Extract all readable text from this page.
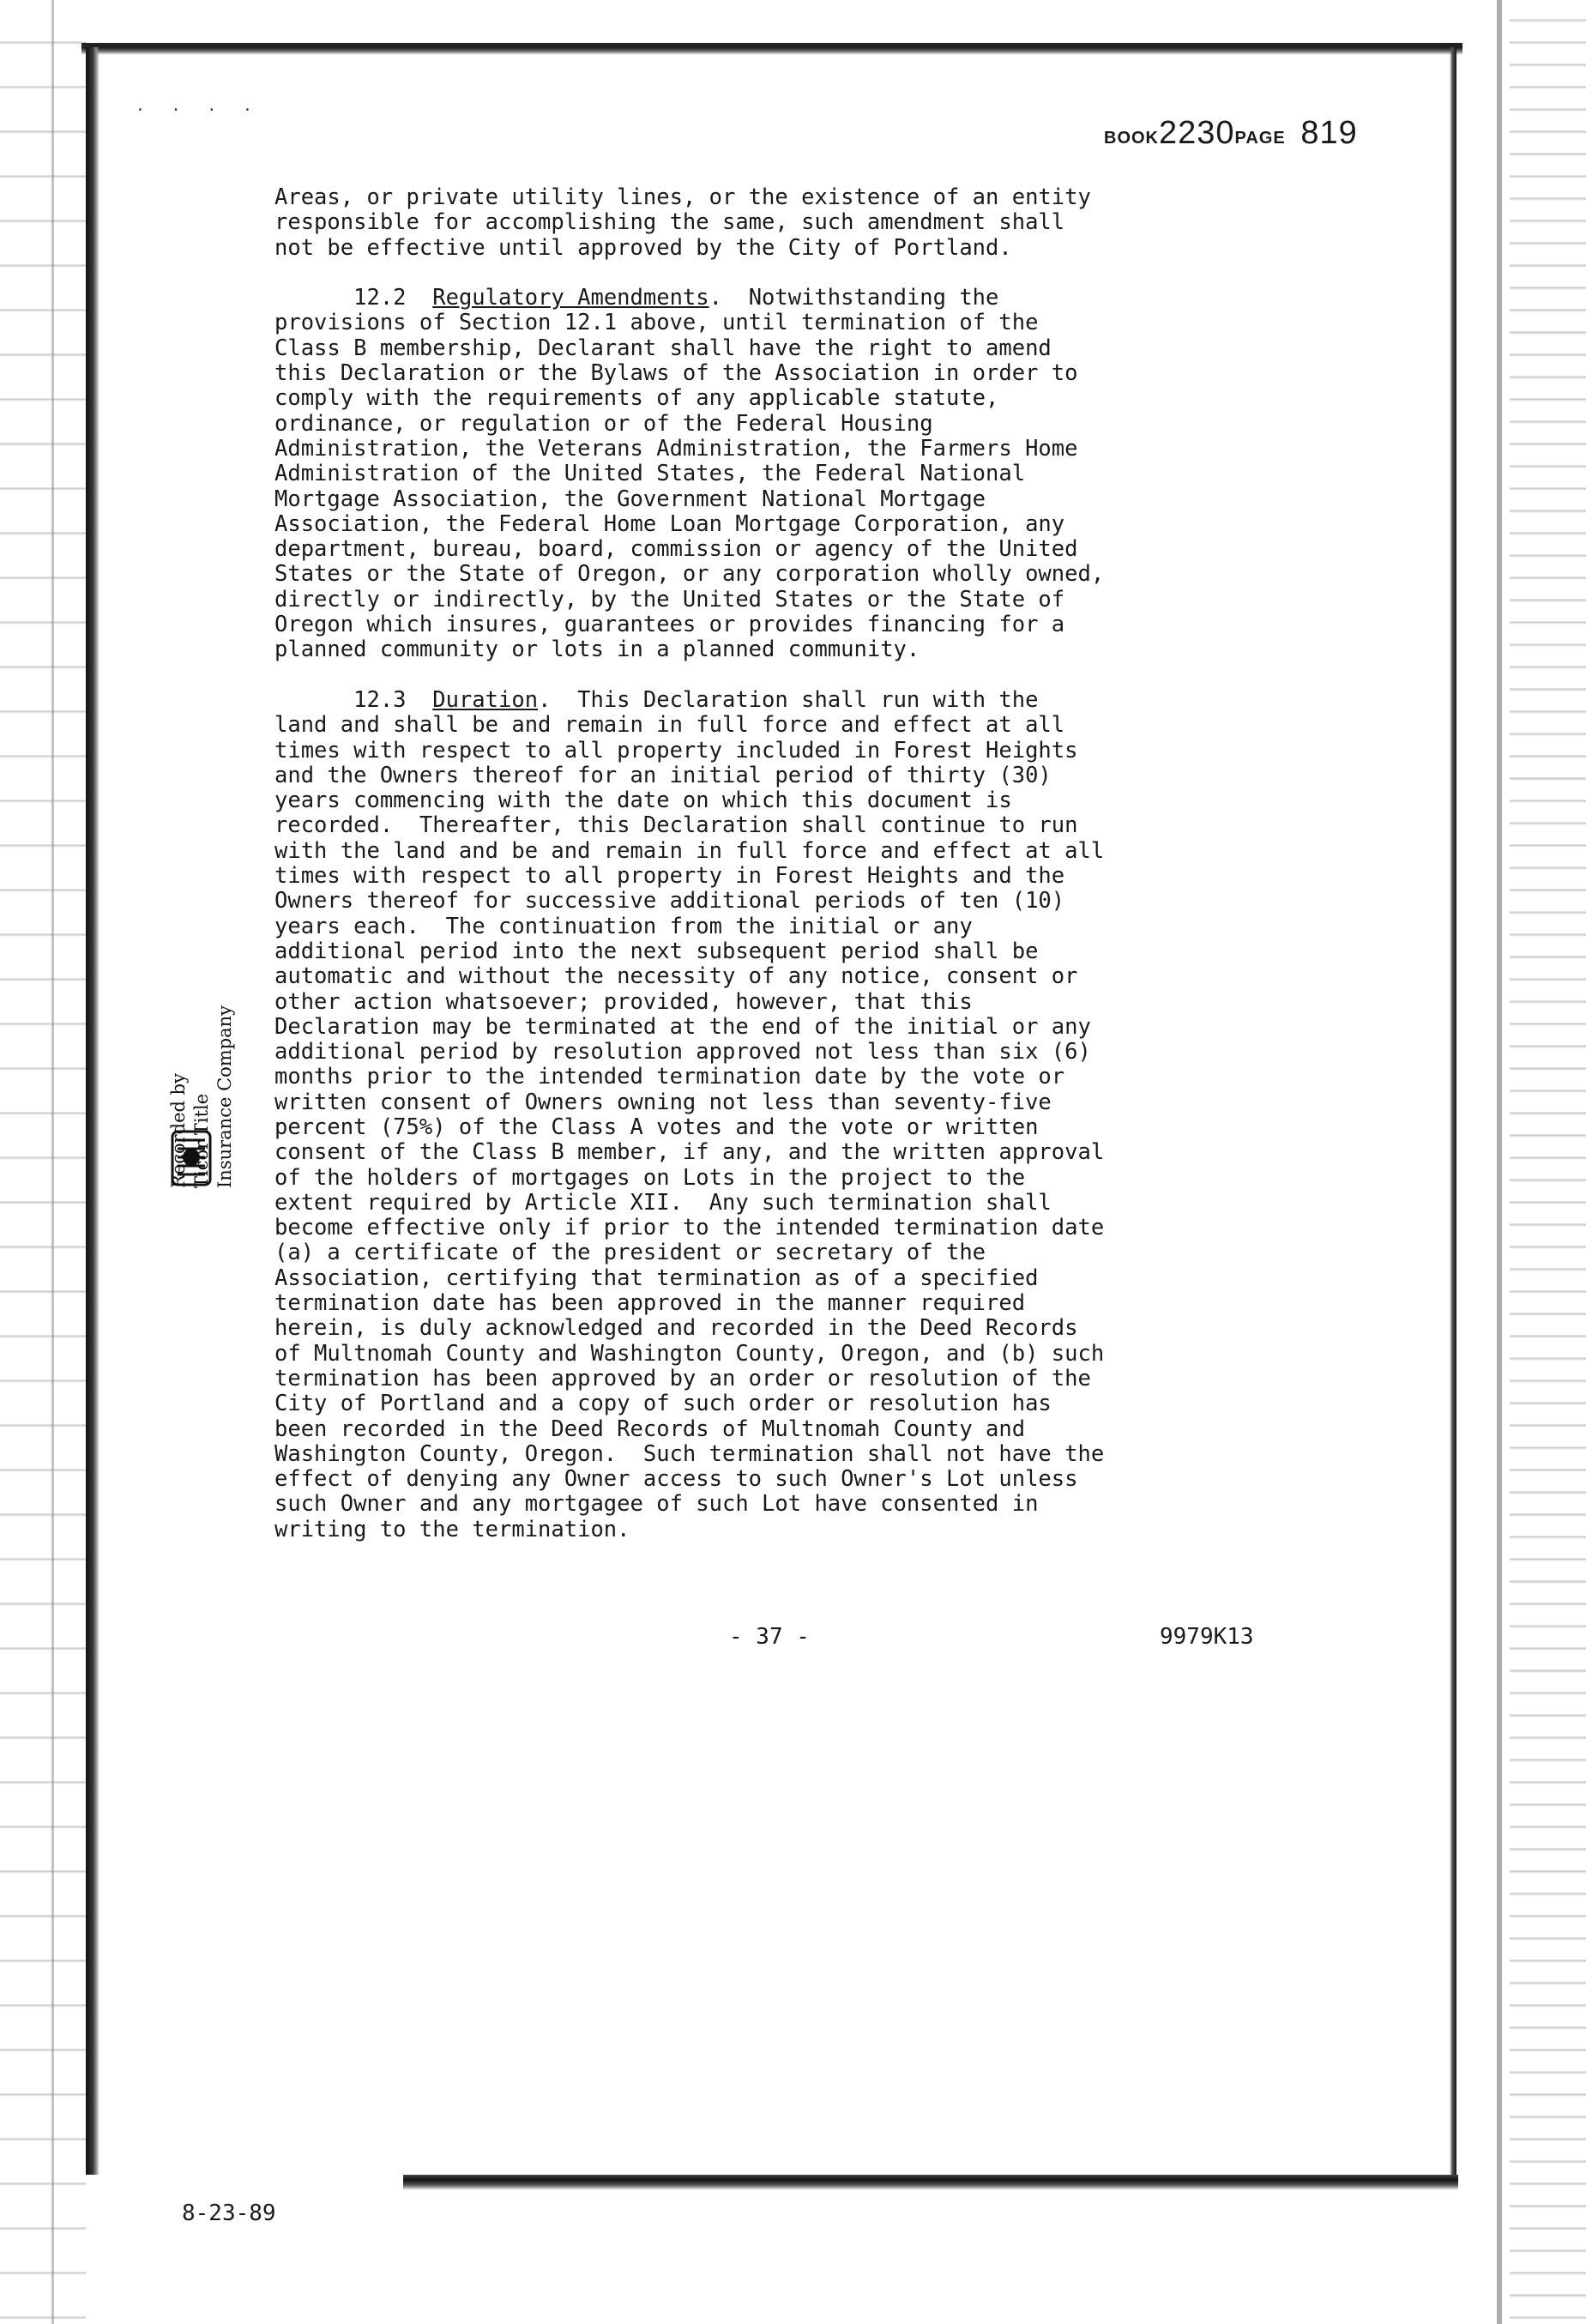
· · · ·
BOOK2230PAGE 819
Areas, or private utility lines, or the existence of an entity
responsible for accomplishing the same, such amendment shall
not be effective until approved by the City of Portland.
12.2  Regulatory Amendments.  Notwithstanding the
provisions of Section 12.1 above, until termination of the
Class B membership, Declarant shall have the right to amend
this Declaration or the Bylaws of the Association in order to
comply with the requirements of any applicable statute,
ordinance, or regulation or of the Federal Housing
Administration, the Veterans Administration, the Farmers Home
Administration of the United States, the Federal National
Mortgage Association, the Government National Mortgage
Association, the Federal Home Loan Mortgage Corporation, any
department, bureau, board, commission or agency of the United
States or the State of Oregon, or any corporation wholly owned,
directly or indirectly, by the United States or the State of
Oregon which insures, guarantees or provides financing for a
planned community or lots in a planned community.
12.3  Duration.  This Declaration shall run with the
land and shall be and remain in full force and effect at all
times with respect to all property included in Forest Heights
and the Owners thereof for an initial period of thirty (30)
years commencing with the date on which this document is
recorded.  Thereafter, this Declaration shall continue to run
with the land and be and remain in full force and effect at all
times with respect to all property in Forest Heights and the
Owners thereof for successive additional periods of ten (10)
years each.  The continuation from the initial or any
additional period into the next subsequent period shall be
automatic and without the necessity of any notice, consent or
other action whatsoever; provided, however, that this
Declaration may be terminated at the end of the initial or any
additional period by resolution approved not less than six (6)
months prior to the intended termination date by the vote or
written consent of Owners owning not less than seventy-five
percent (75%) of the Class A votes and the vote or written
consent of the Class B member, if any, and the written approval
of the holders of mortgages on Lots in the project to the
extent required by Article XII.  Any such termination shall
become effective only if prior to the intended termination date
(a) a certificate of the president or secretary of the
Association, certifying that termination as of a specified
termination date has been approved in the manner required
herein, is duly acknowledged and recorded in the Deed Records
of Multnomah County and Washington County, Oregon, and (b) such
termination has been approved by an order or resolution of the
City of Portland and a copy of such order or resolution has
been recorded in the Deed Records of Multnomah County and
Washington County, Oregon.  Such termination shall not have the
effect of denying any Owner access to such Owner's Lot unless
such Owner and any mortgagee of such Lot have consented in
writing to the termination.
Recorded by Ticor Title Insurance Company
- 37 -	9979K13
8-23-89
